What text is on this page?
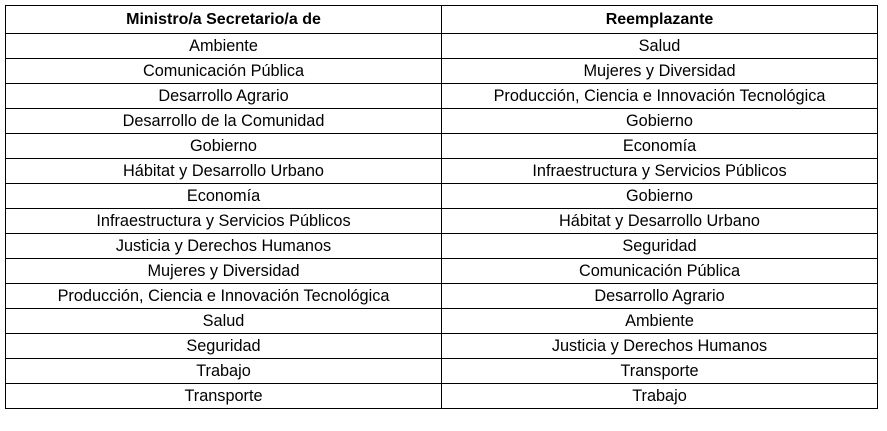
Ministro/a Secretario/a de	Reemplazante
Ambiente	Salud
Comunicación Pública	Mujeres y Diversidad
Desarrollo Agrario	Producción, Ciencia e Innovación Tecnológica
Desarrollo de la Comunidad	Gobierno
Gobierno	Economía
Hábitat y Desarrollo Urbano	Infraestructura y Servicios Públicos
Economía	Gobierno
Infraestructura y Servicios Públicos	Hábitat y Desarrollo Urbano
Justicia y Derechos Humanos	Seguridad
Mujeres y Diversidad	Comunicación Pública
Producción, Ciencia e Innovación Tecnológica	Desarrollo Agrario
Salud	Ambiente
Seguridad	Justicia y Derechos Humanos
Trabajo	Transporte
Transporte	Trabajo
